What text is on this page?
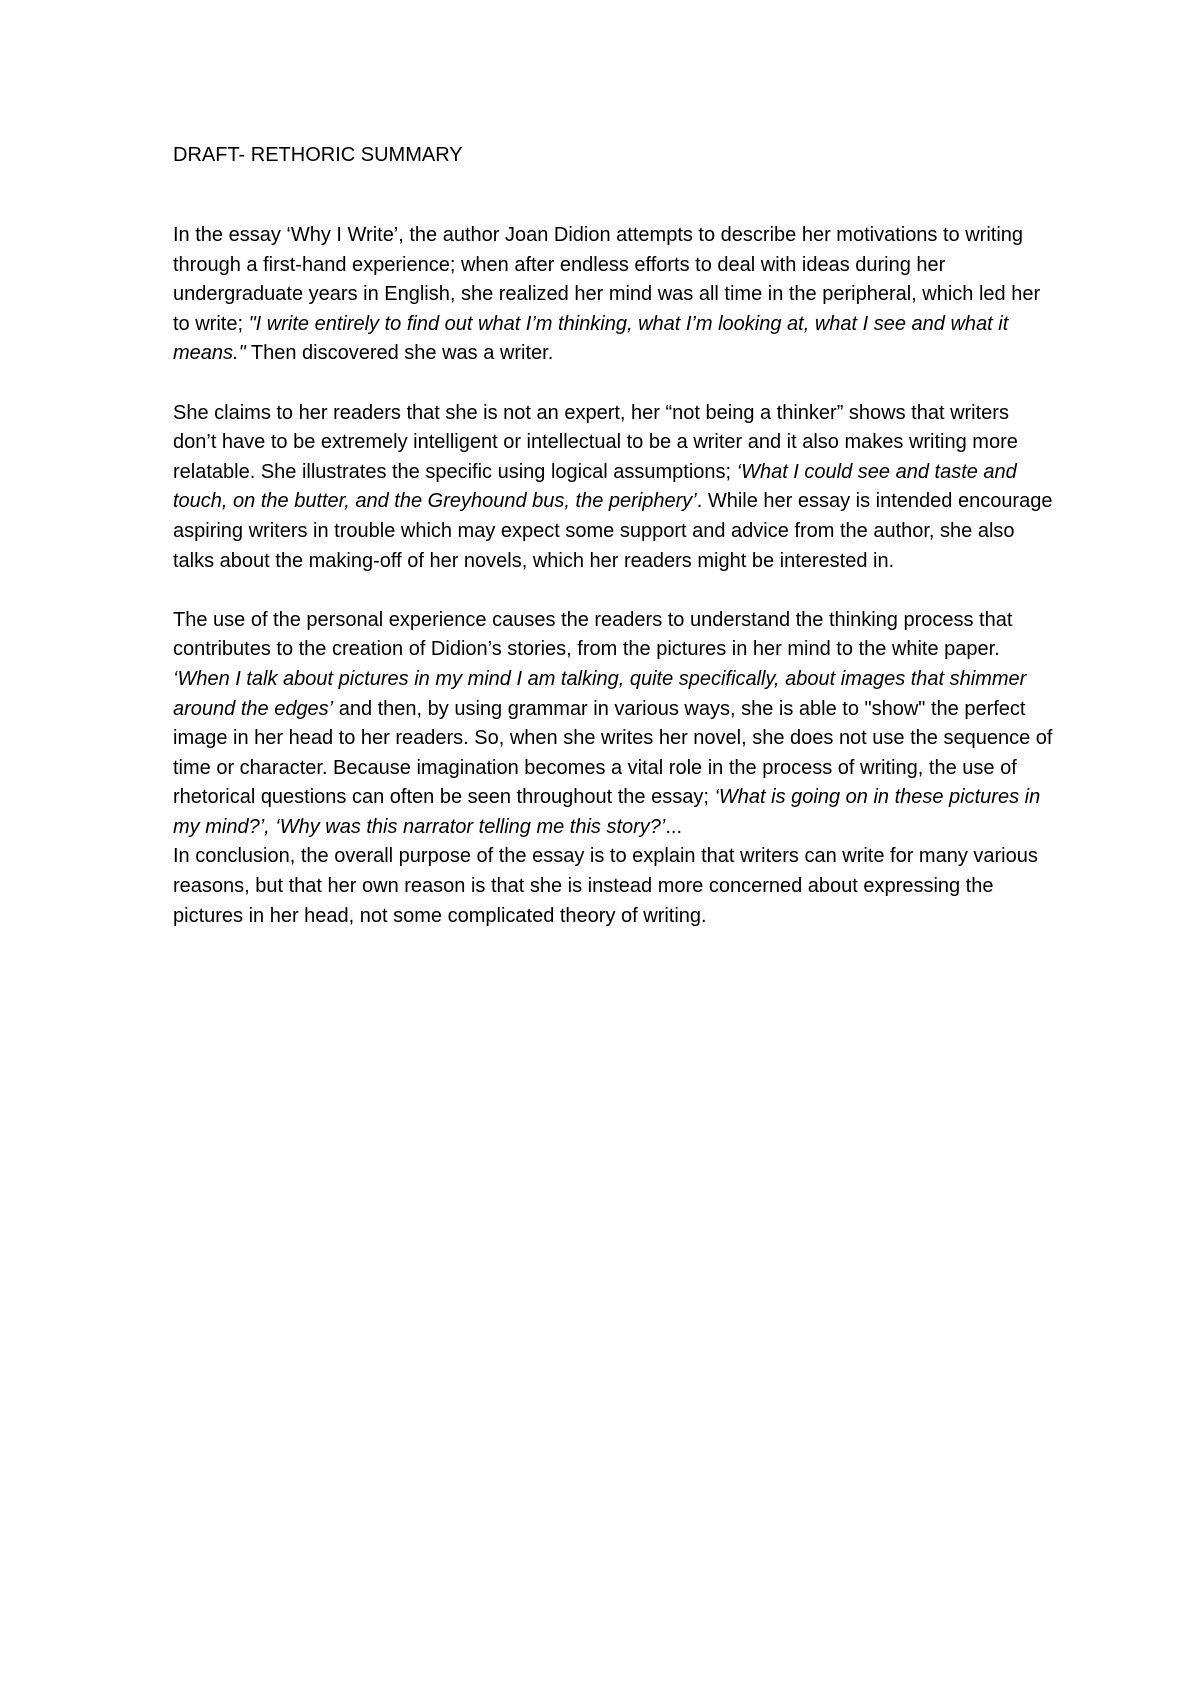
DRAFT- RETHORIC SUMMARY

In the essay ‘Why I Write’, the author Joan Didion attempts to describe her motivations to writing through a first-hand experience; when after endless efforts to deal with ideas during her undergraduate years in English, she realized her mind was all time in the peripheral, which led her to write; "I write entirely to find out what I’m thinking, what I’m looking at, what I see and what it means." Then discovered she was a writer.

She claims to her readers that she is not an expert, her “not being a thinker” shows that writers don’t have to be extremely intelligent or intellectual to be a writer and it also makes writing more relatable. She illustrates the specific using logical assumptions; ‘What I could see and taste and touch, on the butter, and the Greyhound bus, the periphery’. While her essay is intended encourage aspiring writers in trouble which may expect some support and advice from the author, she also talks about the making-off of her novels, which her readers might be interested in.

The use of the personal experience causes the readers to understand the thinking process that contributes to the creation of Didion’s stories, from the pictures in her mind to the white paper. ‘When I talk about pictures in my mind I am talking, quite specifically, about images that shimmer around the edges’ and then, by using grammar in various ways, she is able to "show" the perfect image in her head to her readers. So, when she writes her novel, she does not use the sequence of time or character. Because imagination becomes a vital role in the process of writing, the use of rhetorical questions can often be seen throughout the essay; ‘What is going on in these pictures in my mind?’, ‘Why was this narrator telling me this story?’...

In conclusion, the overall purpose of the essay is to explain that writers can write for many various reasons, but that her own reason is that she is instead more concerned about expressing the pictures in her head, not some complicated theory of writing.
